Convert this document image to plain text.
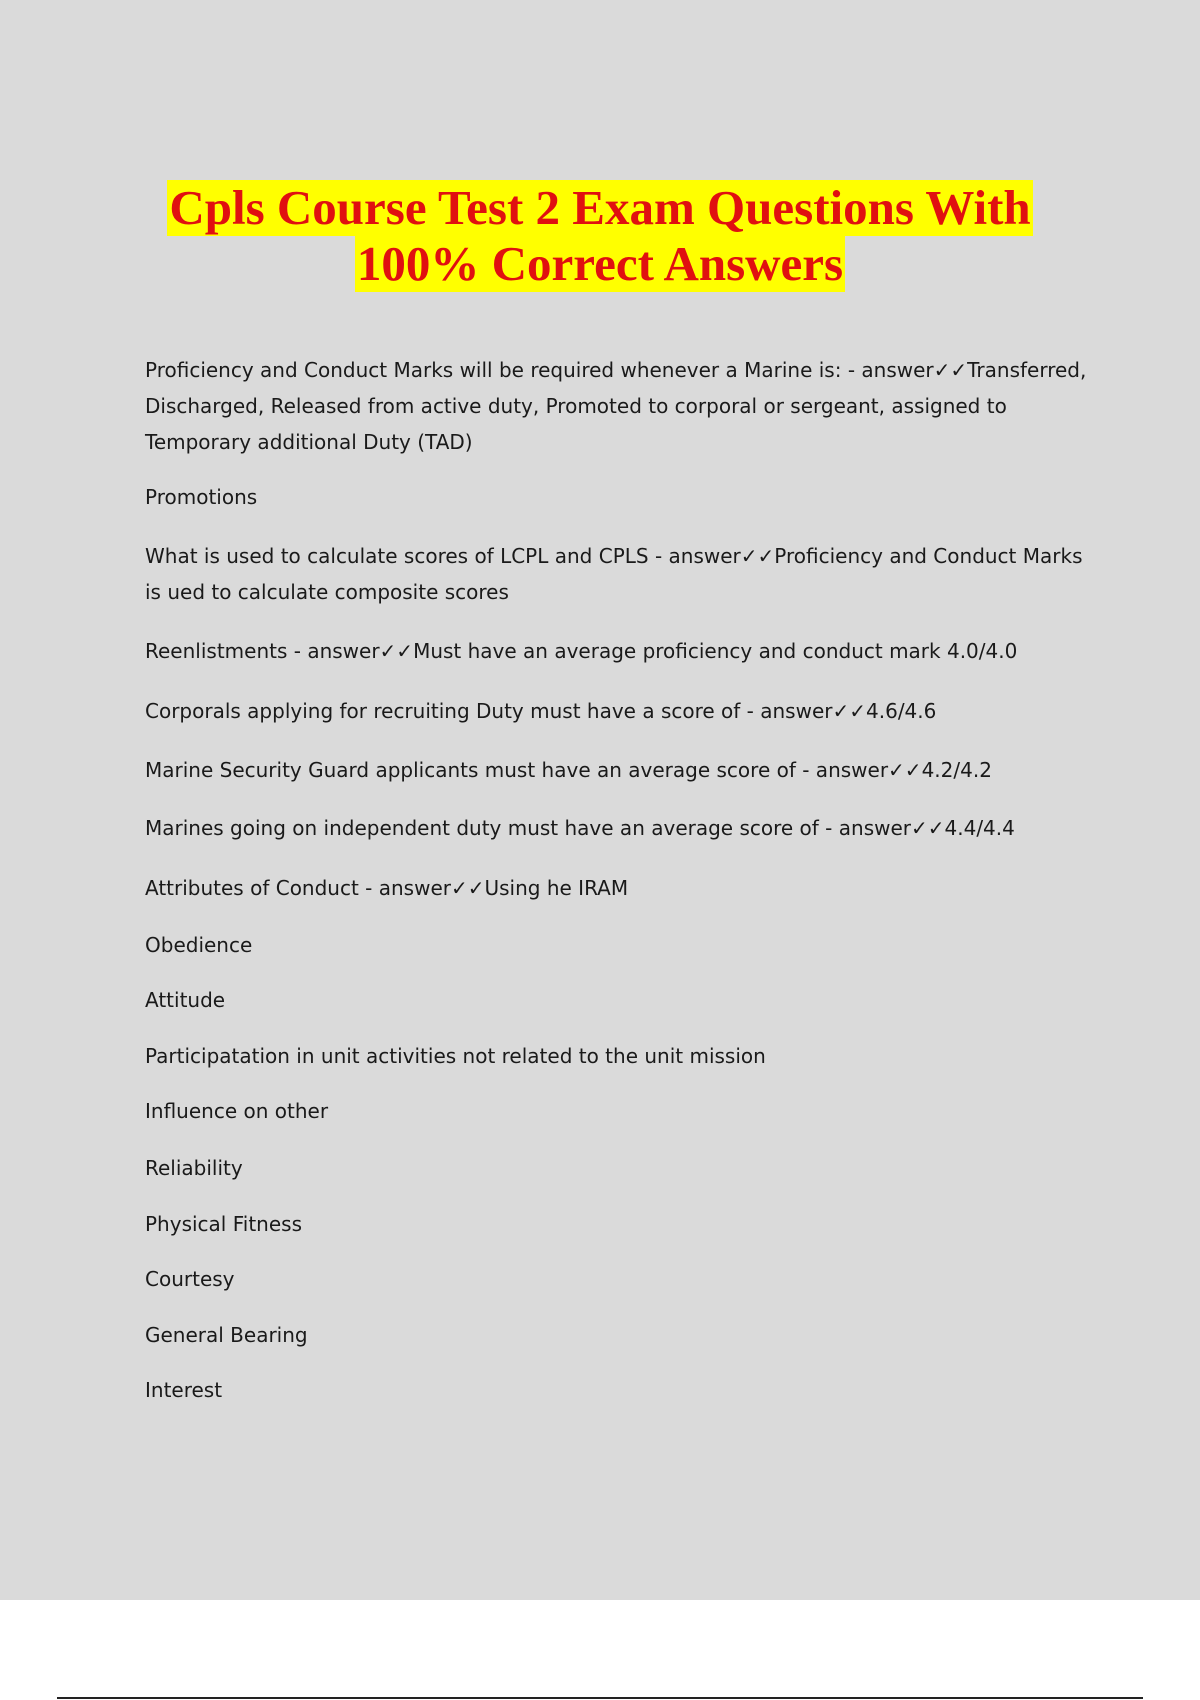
Cpls Course Test 2 Exam Questions With
100% Correct Answers

Proficiency and Conduct Marks will be required whenever a Marine is: - answer✓✓Transferred, Discharged, Released from active duty, Promoted to corporal or sergeant, assigned to Temporary additional Duty (TAD)

Promotions

What is used to calculate scores of LCPL and CPLS - answer✓✓Proficiency and Conduct Marks is ued to calculate composite scores

Reenlistments - answer✓✓Must have an average proficiency and conduct mark 4.0/4.0

Corporals applying for recruiting Duty must have a score of - answer✓✓4.6/4.6

Marine Security Guard applicants must have an average score of - answer✓✓4.2/4.2

Marines going on independent duty must have an average score of - answer✓✓4.4/4.4

Attributes of Conduct - answer✓✓Using he IRAM

Obedience

Attitude

Participatation in unit activities not related to the unit mission

Influence on other

Reliability

Physical Fitness

Courtesy

General Bearing

Interest
